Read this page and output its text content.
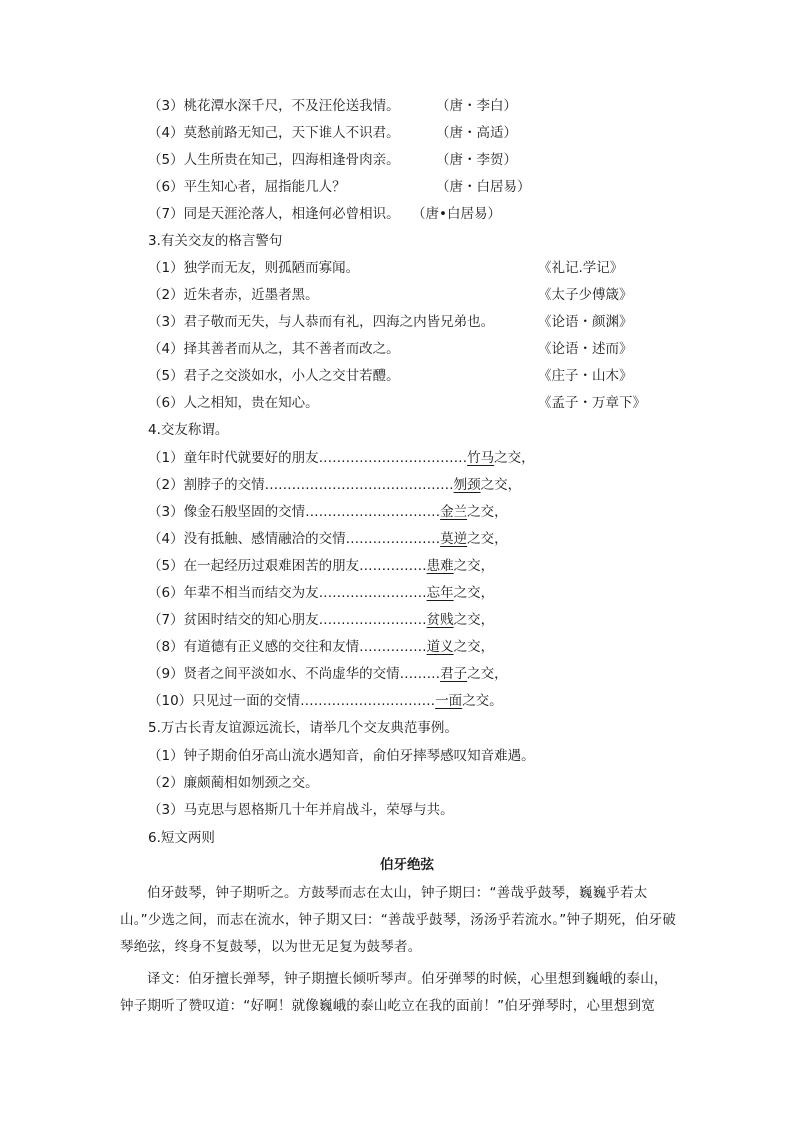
（3）桃花潭水深千尺，不及汪伦送我情。	（唐・李白）
（4）莫愁前路无知己，天下谁人不识君。	（唐・高适）
（5）人生所贵在知己，四海相逢骨肉亲。	（唐・李贺）
（6）平生知心者，屈指能几人？	（唐・白居易）
（7）同是天涯沦落人，相逢何必曾相识。 （唐•白居易）
3.有关交友的格言警句
（1）独学而无友，则孤陋而寡闻。	《礼记.学记》
（2）近朱者赤，近墨者黑。	《太子少傅箴》
（3）君子敬而无失，与人恭而有礼，四海之内皆兄弟也。	《论语・颜渊》
（4）择其善者而从之，其不善者而改之。	《论语・述而》
（5）君子之交淡如水，小人之交甘若醴。	《庄子・山木》
（6）人之相知，贵在知心。	《孟子・万章下》
4.交友称谓。
（1）童年时代就要好的朋友……………………………竹马之交，
（2）割脖子的交情……………………………………刎颈之交，
（3）像金石般坚固的交情…………………………金兰之交，
（4）没有抵触、感情融洽的交情…………………莫逆之交，
（5）在一起经历过艰难困苦的朋友……………患难之交，
（6）年辈不相当而结交为友……………………忘年之交，
（7）贫困时结交的知心朋友……………………贫贱之交，
（8）有道德有正义感的交往和友情……………道义之交，
（9）贤者之间平淡如水、不尚虚华的交情………君子之交，
（10）只见过一面的交情…………………………一面之交。
5.万古长青友谊源远流长，请举几个交友典范事例。
（1）钟子期俞伯牙高山流水遇知音，俞伯牙摔琴感叹知音难遇。
（2）廉颇蔺相如刎颈之交。
（3）马克思与恩格斯几十年并肩战斗，荣辱与共。
6.短文两则
伯牙绝弦
伯牙鼓琴，钟子期听之。方鼓琴而志在太山，钟子期曰：“善哉乎鼓琴，巍巍乎若太山。”少选之间，而志在流水，钟子期又曰：“善哉乎鼓琴，汤汤乎若流水。”钟子期死，伯牙破琴绝弦，终身不复鼓琴，以为世无足复为鼓琴者。
译文：伯牙擅长弹琴，钟子期擅长倾听琴声。伯牙弹琴的时候，心里想到巍峨的泰山，钟子期听了赞叹道：“好啊！就像巍峨的泰山屹立在我的面前！”伯牙弹琴时，心里想到宽
